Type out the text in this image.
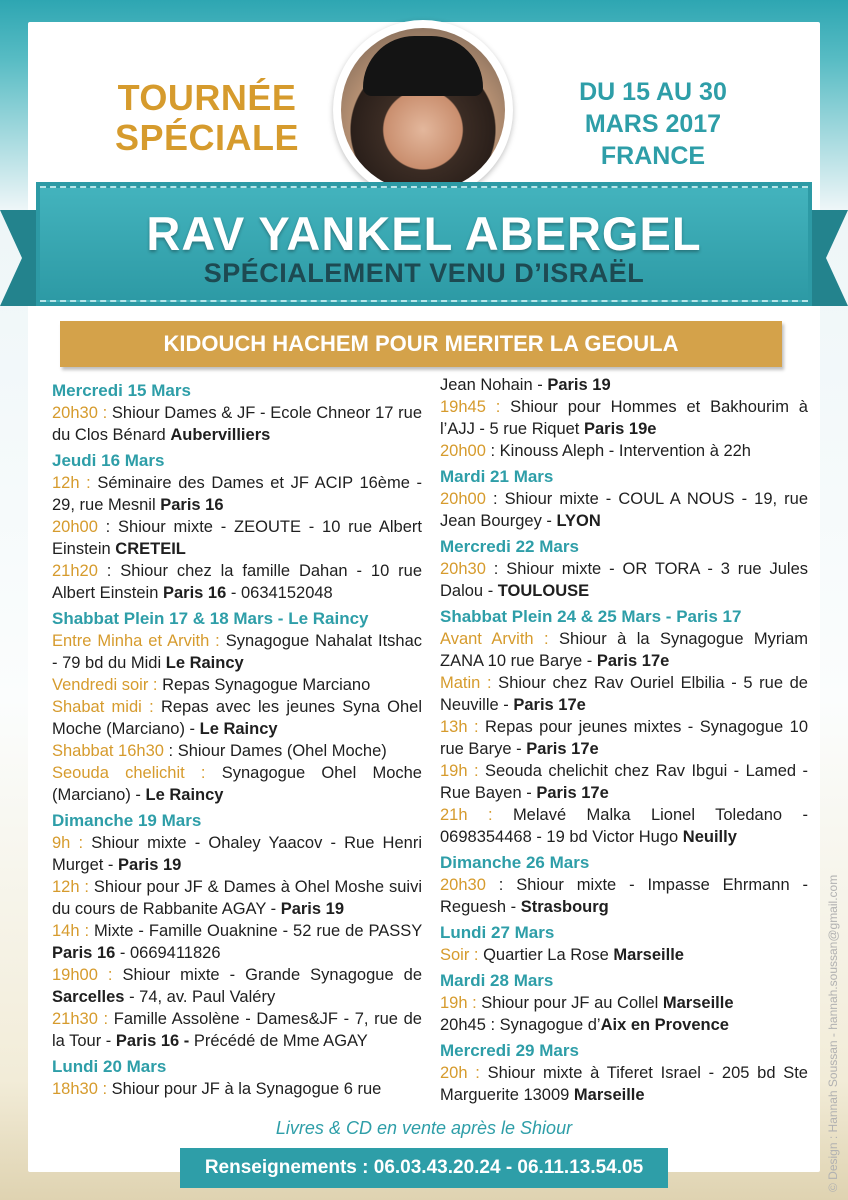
בס"ד
TOURNÉE
SPÉCIALE
DU 15 AU 30
MARS 2017
FRANCE
RAV YANKEL ABERGEL
SPÉCIALEMENT VENU D’ISRAËL
KIDOUCH HACHEM POUR MERITER LA GEOULA
Mercredi 15 Mars
20h30 : Shiour Dames & JF - Ecole Chneor 17 rue du Clos Bénard Aubervilliers
Jeudi 16 Mars
12h : Séminaire des Dames et JF ACIP 16ème - 29, rue Mesnil Paris 16
20h00 : Shiour mixte - ZEOUTE - 10 rue Albert Einstein CRETEIL
21h20 : Shiour chez la famille Dahan - 10 rue Albert Einstein Paris 16 - 0634152048
Shabbat Plein 17 & 18 Mars - Le Raincy
Entre Minha et Arvith : Synagogue Nahalat Itshac - 79 bd du Midi Le Raincy
Vendredi soir : Repas Synagogue Marciano
Shabat midi : Repas avec les jeunes Syna Ohel Moche (Marciano) - Le Raincy
Shabbat 16h30 : Shiour Dames (Ohel Moche)
Seouda chelichit : Synagogue Ohel Moche (Marciano) - Le Raincy
Dimanche 19 Mars
9h : Shiour mixte - Ohaley Yaacov - Rue Henri Murget - Paris 19
12h : Shiour pour JF & Dames à Ohel Moshe suivi du cours de Rabbanite AGAY - Paris 19
14h : Mixte - Famille Ouaknine - 52 rue de PASSY Paris 16 - 0669411826
19h00 : Shiour mixte - Grande Synagogue de Sarcelles - 74, av. Paul Valéry
21h30 : Famille Assolène - Dames&JF - 7, rue de la Tour - Paris 16 - Précédé de Mme AGAY
Lundi 20 Mars
18h30 : Shiour pour JF à la Synagogue 6 rue
Jean Nohain - Paris 19
19h45 : Shiour pour Hommes et Bakhourim à l’AJJ - 5 rue Riquet Paris 19e
20h00 : Kinouss Aleph - Intervention à 22h
Mardi 21 Mars
20h00 : Shiour mixte - COUL A NOUS - 19, rue Jean Bourgey - LYON
Mercredi 22 Mars
20h30 : Shiour mixte - OR TORA - 3 rue Jules Dalou - TOULOUSE
Shabbat Plein 24 & 25 Mars - Paris 17
Avant Arvith : Shiour à la Synagogue Myriam ZANA 10 rue Barye - Paris 17e
Matin : Shiour chez Rav Ouriel Elbilia - 5 rue de Neuville - Paris 17e
13h : Repas pour jeunes mixtes - Synagogue 10 rue Barye - Paris 17e
19h : Seouda chelichit chez Rav Ibgui - Lamed - Rue Bayen - Paris 17e
21h : Melavé Malka Lionel Toledano - 0698354468 - 19 bd Victor Hugo Neuilly
Dimanche 26 Mars
20h30 : Shiour mixte - Impasse Ehrmann - Reguesh - Strasbourg
Lundi 27 Mars
Soir : Quartier La Rose Marseille
Mardi 28 Mars
19h : Shiour pour JF au Collel Marseille
20h45 : Synagogue d’Aix en Provence
Mercredi 29 Mars
20h : Shiour mixte à Tiferet Israel - 205 bd Ste Marguerite 13009 Marseille
Livres & CD en vente après le Shiour
Renseignements : 06.03.43.20.24 - 06.11.13.54.05	© Design : Hannah Soussan - hannah.soussan@gmail.com
